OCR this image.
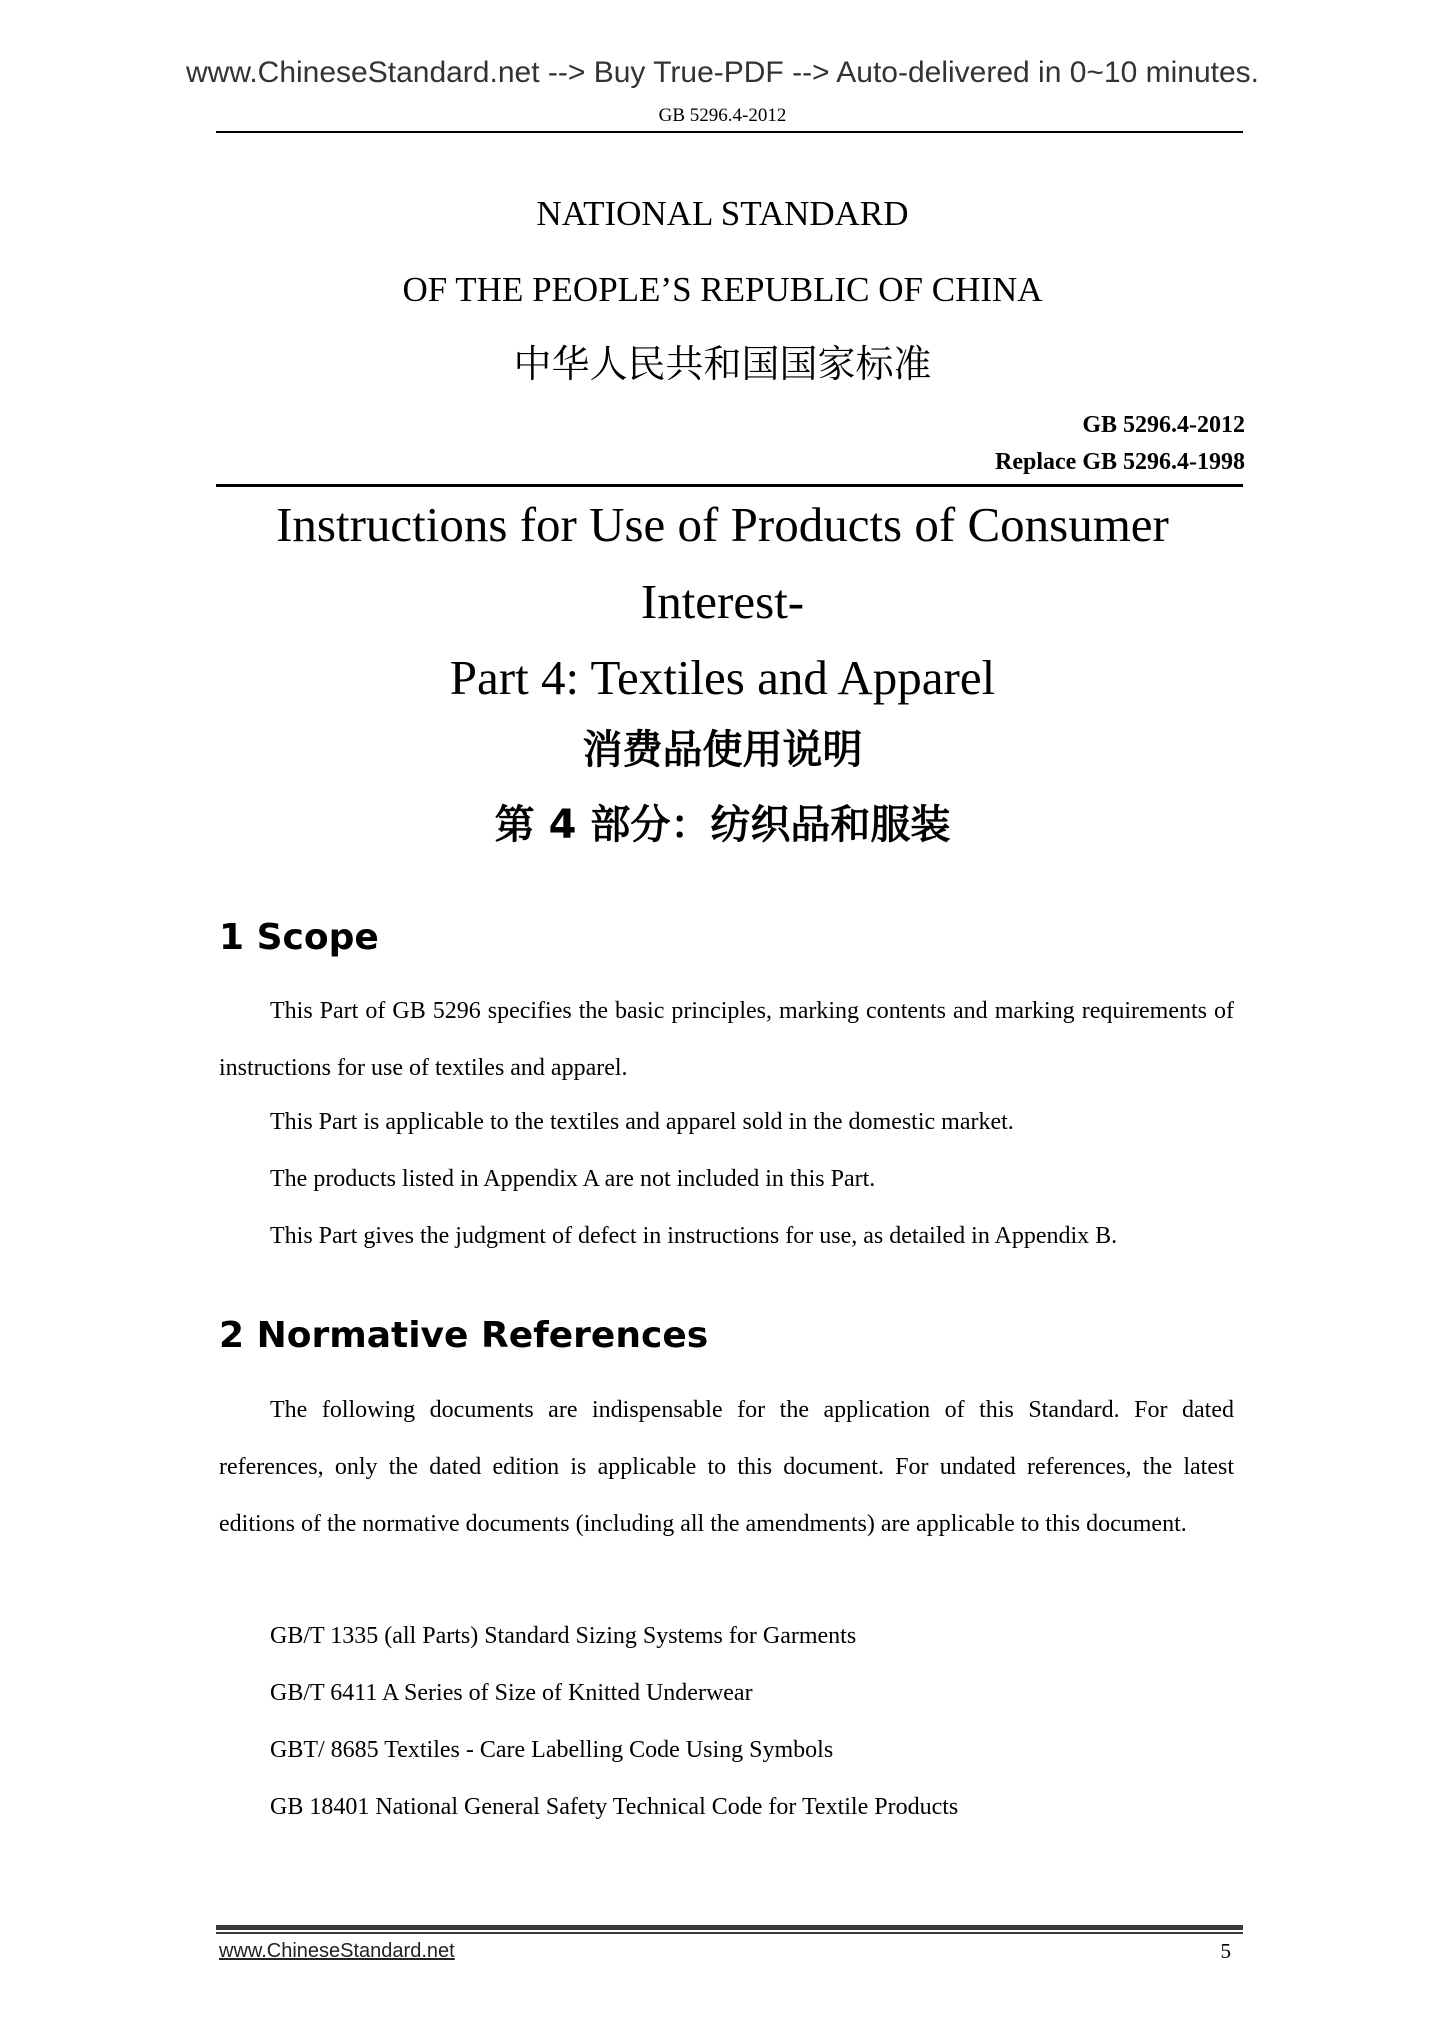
www.ChineseStandard.net --> Buy True-PDF --> Auto-delivered in 0~10 minutes.
GB 5296.4-2012
NATIONAL STANDARD
OF THE PEOPLE’S REPUBLIC OF CHINA
中华人民共和国国家标准
GB 5296.4-2012
Replace GB 5296.4-1998
Instructions for Use of Products of Consumer
Interest-
Part 4: Textiles and Apparel
消费品使用说明
第 4 部分：纺织品和服装
1 Scope

This Part of GB 5296 specifies the basic principles, marking contents and marking requirements of instructions for use of textiles and apparel.

This Part is applicable to the textiles and apparel sold in the domestic market.
The products listed in Appendix A are not included in this Part.
This Part gives the judgment of defect in instructions for use, as detailed in Appendix B.
2 Normative References

The following documents are indispensable for the application of this Standard. For dated references, only the dated edition is applicable to this document. For undated references, the latest editions of the normative documents (including all the amendments) are applicable to this document.

GB/T 1335 (all Parts) Standard Sizing Systems for Garments
GB/T 6411 A Series of Size of Knitted Underwear
GBT/ 8685 Textiles - Care Labelling Code Using Symbols
GB 18401 National General Safety Technical Code for Textile Products
www.ChineseStandard.net	5
